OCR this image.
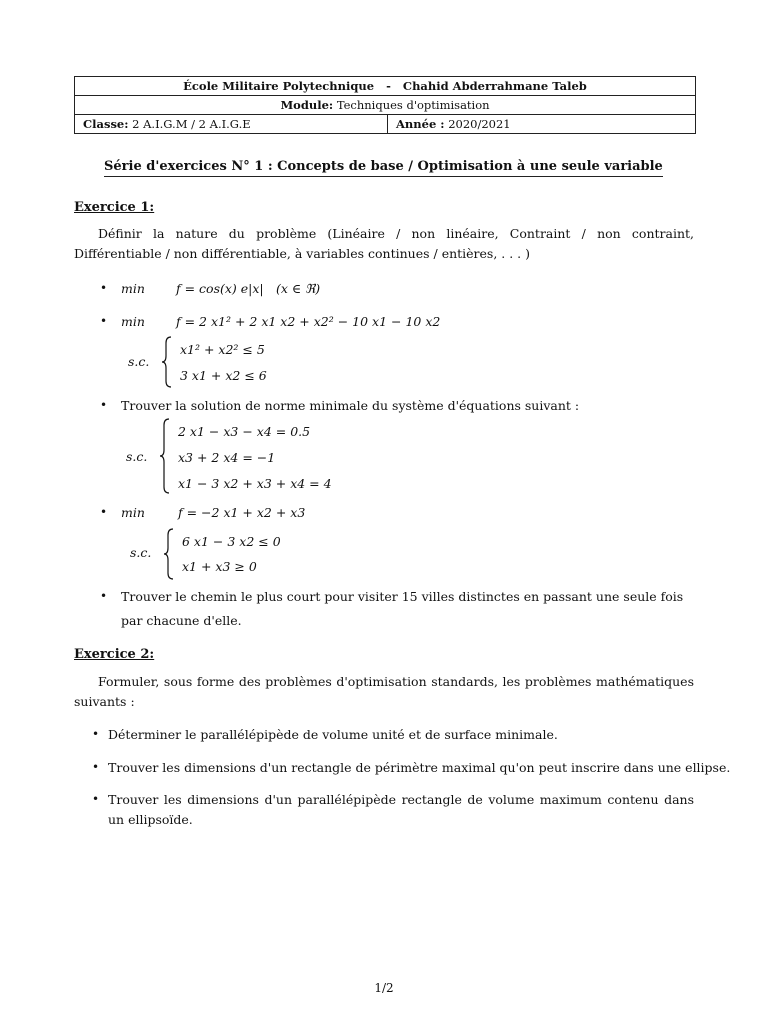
École Militaire Polytechnique - Chahid Abderrahmane Taleb
Module: Techniques d'optimisation
Classe: 2 A.I.G.M / 2 A.I.G.E	Année : 2020/2021
Série d'exercices N° 1 : Concepts de base / Optimisation à une seule variable
Exercice 1:
Définir la nature du problème (Linéaire / non linéaire, Contraint / non contraint, Différentiable / non différentiable, à variables continues / entières, . . . )
• min f = cos(x) e|x| (x ∈ ℜ)
• min f = 2 x1² + 2 x1 x2 + x2² − 10 x1 − 10 x2
s.c.
x1² + x2² ≤ 5
3 x1 + x2 ≤ 6
• Trouver la solution de norme minimale du système d'équations suivant :
s.c.
2 x1 − x3 − x4 = 0.5
x3 + 2 x4 = −1
x1 − 3 x2 + x3 + x4 = 4
• min	f = −2 x1 + x2 + x3
s.c.
6 x1 − 3 x2 ≤ 0
x1 + x3 ≥ 0
• Trouver le chemin le plus court pour visiter 15 villes distinctes en passant une seule fois
par chacune d'elle.
Exercice 2:
Formuler, sous forme des problèmes d'optimisation standards, les problèmes mathématiques suivants :
• Déterminer le parallélépipède de volume unité et de surface minimale.
• Trouver les dimensions d'un rectangle de périmètre maximal qu'on peut inscrire dans une ellipse.
• Trouver les dimensions d'un parallélépipède rectangle de volume maximum contenu dans un ellipsoïde.
1/2
